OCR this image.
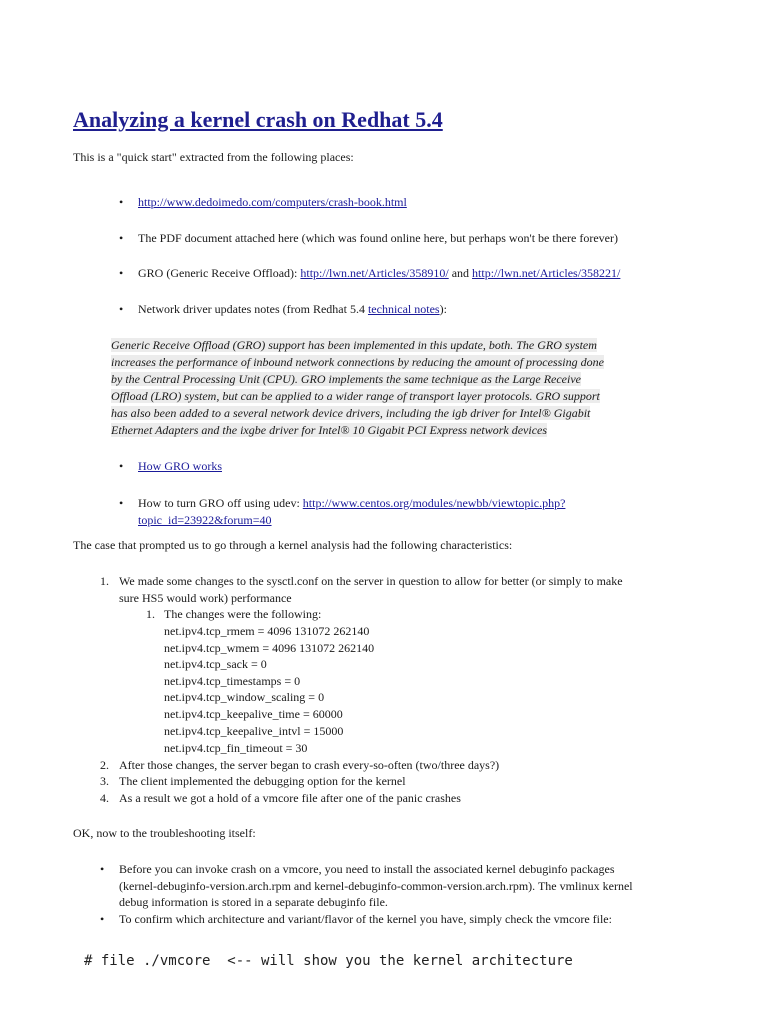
Analyzing a kernel crash on Redhat 5.4

This is a "quick start" extracted from the following places:

• http://www.dedoimedo.com/computers/crash-book.html

• The PDF document attached here (which was found online here, but perhaps won't be there forever)

• GRO (Generic Receive Offload): http://lwn.net/Articles/358910/ and http://lwn.net/Articles/358221/

• Network driver updates notes (from Redhat 5.4 technical notes):

Generic Receive Offload (GRO) support has been implemented in this update, both. The GRO system
increases the performance of inbound network connections by reducing the amount of processing done
by the Central Processing Unit (CPU). GRO implements the same technique as the Large Receive
Offload (LRO) system, but can be applied to a wider range of transport layer protocols. GRO support
has also been added to a several network device drivers, including the igb driver for Intel® Gigabit
Ethernet Adapters and the ixgbe driver for Intel® 10 Gigabit PCI Express network devices
• How GRO works

• How to turn GRO off using udev: http://www.centos.org/modules/newbb/viewtopic.php?

topic_id=23922&forum=40

The case that prompted us to go through a kernel analysis had the following characteristics:

1. We made some changes to the sysctl.conf on the server in question to allow for better (or simply to make

sure HS5 would work) performance

1. The changes were the following:

net.ipv4.tcp_rmem = 4096 131072 262140

net.ipv4.tcp_wmem = 4096 131072 262140

net.ipv4.tcp_sack = 0

net.ipv4.tcp_timestamps = 0

net.ipv4.tcp_window_scaling = 0

net.ipv4.tcp_keepalive_time = 60000

net.ipv4.tcp_keepalive_intvl = 15000

net.ipv4.tcp_fin_timeout = 30

2. After those changes, the server began to crash every-so-often (two/three days?)

3. The client implemented the debugging option for the kernel

4. As a result we got a hold of a vmcore file after one of the panic crashes

OK, now to the troubleshooting itself:

• Before you can invoke crash on a vmcore, you need to install the associated kernel debuginfo packages

(kernel-debuginfo-version.arch.rpm and kernel-debuginfo-common-version.arch.rpm). The vmlinux kernel

debug information is stored in a separate debuginfo file.

• To confirm which architecture and variant/flavor of the kernel you have, simply check the vmcore file:

# file ./vmcore  <-- will show you the kernel architecture
